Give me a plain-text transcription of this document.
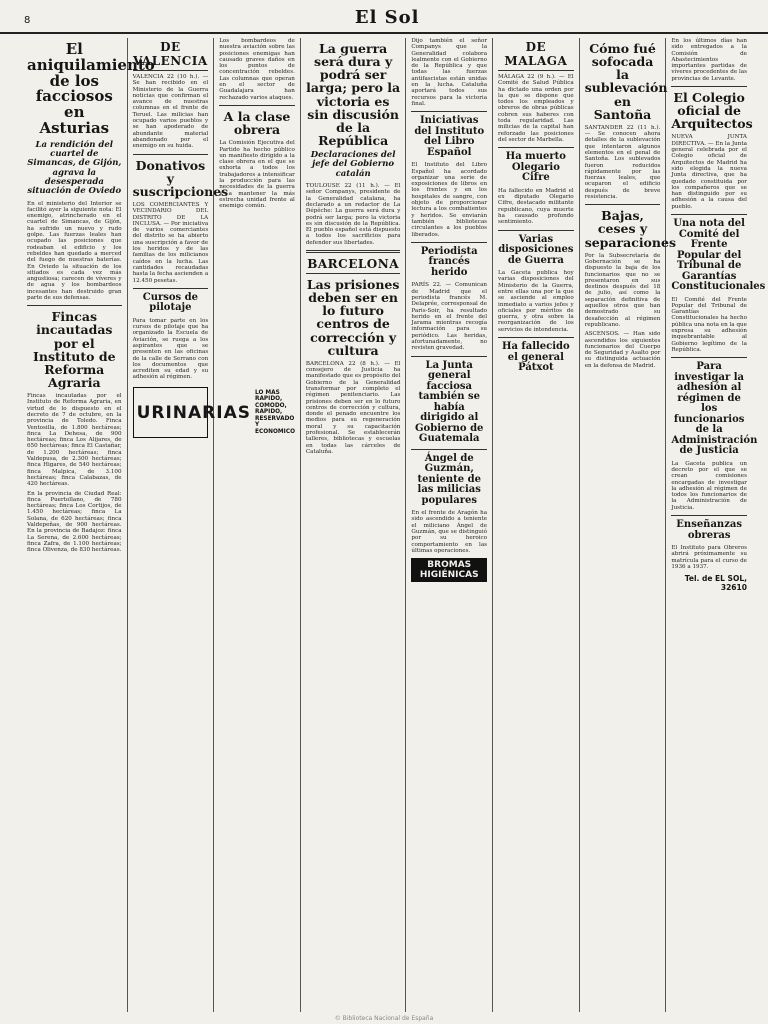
8	El Sol
El aniquilamiento de los facciosos en Asturias
La rendición del cuartel de Simancas, de Gijón, agrava la desesperada situación de Oviedo

En el ministerio del Interior se facilitó ayer la siguiente nota: El enemigo, atrincherado en el cuartel de Simancas, de Gijón, ha sufrido un nuevo y rudo golpe. Las fuerzas leales han ocupado las posiciones que rodeaban el edificio y los rebeldes han quedado a merced del fuego de nuestras baterías. En Oviedo la situación de los sitiados es cada vez más angustiosa; carecen de víveres y de agua y los bombardeos incesantes han destruido gran parte de sus defensas.

Fincas incautadas por el Instituto de Reforma Agraria

Fincas incautadas por el Instituto de Reforma Agraria, en virtud de lo dispuesto en el decreto de 7 de octubre, en la provincia de Toledo. Finca Ventosilla, de 1.800 hectáreas; finca La Dehesa, de 900 hectáreas; finca Los Alijares, de 650 hectáreas; finca El Castañar, de 1.200 hectáreas; finca Valdepusa, de 2.300 hectáreas; finca Higares, de 540 hectáreas; finca Malpica, de 3.100 hectáreas; finca Calabazas, de 420 hectáreas.

En la provincia de Ciudad Real: finca Puertollano, de 780 hectáreas; finca Los Cortijos, de 1.450 hectáreas; finca La Solana, de 620 hectáreas; finca Valdepeñas, de 900 hectáreas. En la provincia de Badajoz: finca La Serena, de 2.600 hectáreas; finca Zafra, de 1.100 hectáreas; finca Olivenza, de 830 hectáreas.

DE VALENCIA

VALENCIA 22 (10 h.). — Se han recibido en el Ministerio de la Guerra noticias que confirman el avance de nuestras columnas en el frente de Teruel. Las milicias han ocupado varios pueblos y se han apoderado de abundante material abandonado por el enemigo en su huida.

Donativos y suscripciones

LOS COMERCIANTES Y VECINDARIO DEL DISTRITO DE LA INCLUSA. — Por iniciativa de varios comerciantes del distrito se ha abierto una suscripción a favor de los heridos y de las familias de los milicianos caídos en la lucha. Las cantidades recaudadas hasta la fecha ascienden a 12.450 pesetas.

Cursos de pilotaje

Para tomar parte en los cursos de pilotaje que ha organizado la Escuela de Aviación, se ruega a los aspirantes que se presenten en las oficinas de la calle de Serrano con los documentos que acrediten su edad y su adhesión al régimen.

URINARIAS
LO MAS RAPIDO, COMODO, RAPIDO, RESERVADO Y ECONOMICO

Los bombardeos de nuestra aviación sobre las posiciones enemigas han causado graves daños en los puntos de concentración rebeldes. Las columnas que operan en el sector de Guadalajara han rechazado varios ataques.

A la clase obrera

La Comisión Ejecutiva del Partido ha hecho público un manifiesto dirigido a la clase obrera en el que se exhorta a todos los trabajadores a intensificar la producción para las necesidades de la guerra y a mantener la más estrecha unidad frente al enemigo común.

La guerra será dura y podrá ser larga; pero la victoria es sin discusión de la República
Declaraciones del jefe del Gobierno catalán

TOULOUSE 22 (11 h.). — El señor Companys, presidente de la Generalidad catalana, ha declarado a un redactor de La Dépêche: La guerra será dura y podrá ser larga; pero la victoria es sin discusión de la República. El pueblo español está dispuesto a todos los sacrificios para defender sus libertades.

BARCELONA
Las prisiones deben ser en lo futuro centros de corrección y cultura

BARCELONA 22 (8 h.). — El consejero de Justicia ha manifestado que es propósito del Gobierno de la Generalidad transformar por completo el régimen penitenciario. Las prisiones deben ser en lo futuro centros de corrección y cultura, donde el penado encuentre los medios para su regeneración moral y su capacitación profesional. Se establecerán talleres, bibliotecas y escuelas en todas las cárceles de Cataluña.

Dijo también el señor Companys que la Generalidad colabora lealmente con el Gobierno de la República y que todas las fuerzas antifascistas están unidas en la lucha. Cataluña aportará todos sus recursos para la victoria final.

Iniciativas del Instituto del Libro Español

El Instituto del Libro Español ha acordado organizar una serie de exposiciones de libros en los frentes y en los hospitales de sangre, con objeto de proporcionar lectura a los combatientes y heridos. Se enviarán también bibliotecas circulantes a los pueblos liberados.

Periodista francés herido

PARÍS 22. — Comunican de Madrid que el periodista francés M. Delaprée, corresponsal de Paris-Soir, ha resultado herido en el frente del Jarama mientras recogía información para su periódico. Las heridas, afortunadamente, no revisten gravedad.

La Junta general facciosa también se había dirigido al Gobierno de Guatemala
Ángel de Guzmán, teniente de las milicias populares

En el frente de Aragón ha sido ascendido a teniente el miliciano Ángel de Guzmán, que se distinguió por su heroico comportamiento en las últimas operaciones.

BROMAS HIGIÉNICAS
DE MALAGA

MÁLAGA 22 (9 h.). — El Comité de Salud Pública ha dictado una orden por la que se dispone que todos los empleados y obreros de obras públicas cobren sus haberes con toda regularidad. Las milicias de la capital han reforzado las posiciones del sector de Marbella.

Ha muerto Olegario Cifre

Ha fallecido en Madrid el ex diputado Olegario Cifre, destacado militante republicano, cuya muerte ha causado profundo sentimiento.

Varias disposiciones de Guerra

La Gaceta publica hoy varias disposiciones del Ministerio de la Guerra, entre ellas una por la que se asciende al empleo inmediato a varios jefes y oficiales por méritos de guerra, y otra sobre la reorganización de los servicios de intendencia.

Ha fallecido el general Pátxot
Cómo fué sofocada la sublevación en Santoña

SANTANDER 22 (11 h.). — Se conocen ahora detalles de la sublevación que intentaron algunos elementos en el penal de Santoña. Los sublevados fueron reducidos rápidamente por las fuerzas leales, que ocuparon el edificio después de breve resistencia.

Bajas, ceses y separaciones

Por la Subsecretaría de Gobernación se ha dispuesto la baja de los funcionarios que no se presentaron en sus destinos después del 18 de julio, así como la separación definitiva de aquellos otros que han demostrado su desafección al régimen republicano.

ASCENSOS. — Han sido ascendidos los siguientes funcionarios del Cuerpo de Seguridad y Asalto por su distinguida actuación en la defensa de Madrid.

En los últimos días han sido entregados a la Comisión de Abastecimientos importantes partidas de víveres procedentes de las provincias de Levante.

El Colegio oficial de Arquitectos

NUEVA JUNTA DIRECTIVA. — En la Junta general celebrada por el Colegio oficial de Arquitectos de Madrid ha sido elegida la nueva Junta directiva, que ha quedado constituida por los compañeros que se han distinguido por su adhesión a la causa del pueblo.

Una nota del Comité del Frente Popular del Tribunal de Garantías Constitucionales

El Comité del Frente Popular del Tribunal de Garantías Constitucionales ha hecho pública una nota en la que expresa su adhesión inquebrantable al Gobierno legítimo de la República.

Para investigar la adhesión al régimen de los funcionarios de la Administración de Justicia

La Gaceta publica un decreto por el que se crean comisiones encargadas de investigar la adhesión al régimen de todos los funcionarios de la Administración de Justicia.

Enseñanzas obreras

El Instituto para Obreros abrirá próximamente su matrícula para el curso de 1936 a 1937.

Tel. de EL SOL, 32610
© Biblioteca Nacional de España
